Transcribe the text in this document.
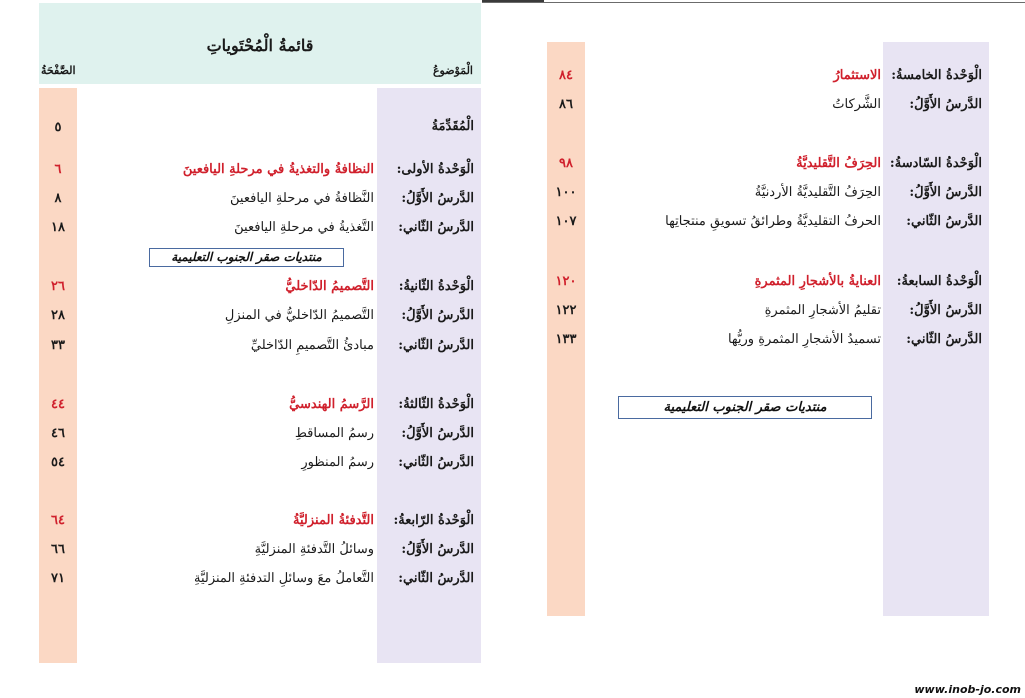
قائمةُ الْمُحْتَوياتِ
الْمَوْضوعُ
الصَّفْحَةُ
الْمُقَدِّمَةُ
٥
الْوَحْدةُ الأولى:
النظافةُ والتغذيةُ في مرحلةِ اليافعينَ
٦
الدَّرسُ الأَوَّلُ:
النَّظافةُ في مرحلةِ اليافعينَ
٨
الدَّرسُ الثّاني:
التَّغذيةُ في مرحلةِ اليافعينَ
١٨
منتديات صقر الجنوب التعليمية
الْوَحْدةُ الثّانيةُ:
التَّصميمُ الدّاخليُّ
٢٦
الدَّرسُ الأَوَّلُ:
التَّصميمُ الدّاخليُّ في المنزلِ
٢٨
الدَّرسُ الثّاني:
مبادئُ التَّصميمِ الدّاخليِّ
٣٣
الْوَحْدةُ الثّالثةُ:
الرَّسمُ الهندسيُّ
٤٤
الدَّرسُ الأَوَّلُ:
رسمُ المساقطِ
٤٦
الدَّرسُ الثّاني:
رسمُ المنظورِ
٥٤
الْوَحْدةُ الرّابعةُ:
التَّدفئةُ المنزليَّةُ
٦٤
الدَّرسُ الأَوَّلُ:
وسائلُ التَّدفئةِ المنزليَّةِ
٦٦
الدَّرسُ الثّاني:
التَّعاملُ معَ وسائلِ التدفئةِ المنزليَّةِ
٧١
الْوَحْدةُ الخامسةُ:
الاستثمارُ
٨٤
الدَّرسُ الأَوَّلُ:
الشَّركاتُ
٨٦
الْوَحْدةُ السّادسةُ:
الحِرَفُ التَّقليديَّةُ
٩٨
الدَّرسُ الأَوَّلُ:
الحِرَفُ التَّقليديَّةُ الأردنيَّةُ
١٠٠
الدَّرسُ الثّاني:
الحرفُ التقليديَّةُ وطرائقُ تسويقِ منتجاتِها
١٠٧
الْوَحْدةُ السابعةُ:
العنايةُ بالأشجارِ المثمرةِ
١٢٠
الدَّرسُ الأَوَّلُ:
تقليمُ الأشجارِ المثمرةِ
١٢٢
الدَّرسُ الثّاني:
تسميدُ الأشجارِ المثمرةِ وريُّها
١٣٣
منتديات صقر الجنوب التعليمية
www.inob-jo.com
